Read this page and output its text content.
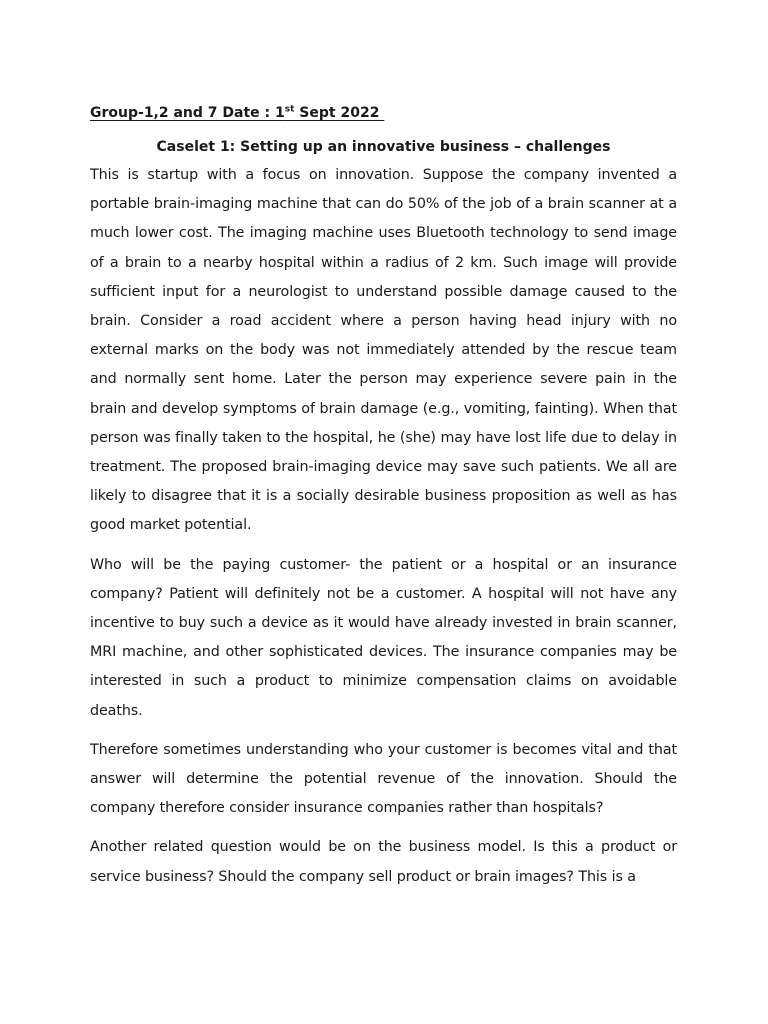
Group-1,2 and 7 Date : 1st Sept 2022
Caselet 1: Setting up an innovative business – challenges

This is startup with a focus on innovation. Suppose the company invented a portable brain-imaging machine that can do 50% of the job of a brain scanner at a much lower cost. The imaging machine uses Bluetooth technology to send image of a brain to a nearby hospital within a radius of 2 km. Such image will provide sufficient input for a neurologist to understand possible damage caused to the brain. Consider a road accident where a person having head injury with no external marks on the body was not immediately attended by the rescue team and normally sent home. Later the person may experience severe pain in the brain and develop symptoms of brain damage (e.g., vomiting, fainting). When that person was finally taken to the hospital, he (she) may have lost life due to delay in treatment. The proposed brain-imaging device may save such patients. We all are likely to disagree that it is a socially desirable business proposition as well as has good market potential.

Who will be the paying customer- the patient or a hospital or an insurance company? Patient will definitely not be a customer. A hospital will not have any incentive to buy such a device as it would have already invested in brain scanner, MRI machine, and other sophisticated devices. The insurance companies may be interested in such a product to minimize compensation claims on avoidable deaths.

Therefore sometimes understanding who your customer is becomes vital and that answer will determine the potential revenue of the innovation. Should the company therefore consider insurance companies rather than hospitals?

Another related question would be on the business model. Is this a product or service business? Should the company sell product or brain images? This is a
